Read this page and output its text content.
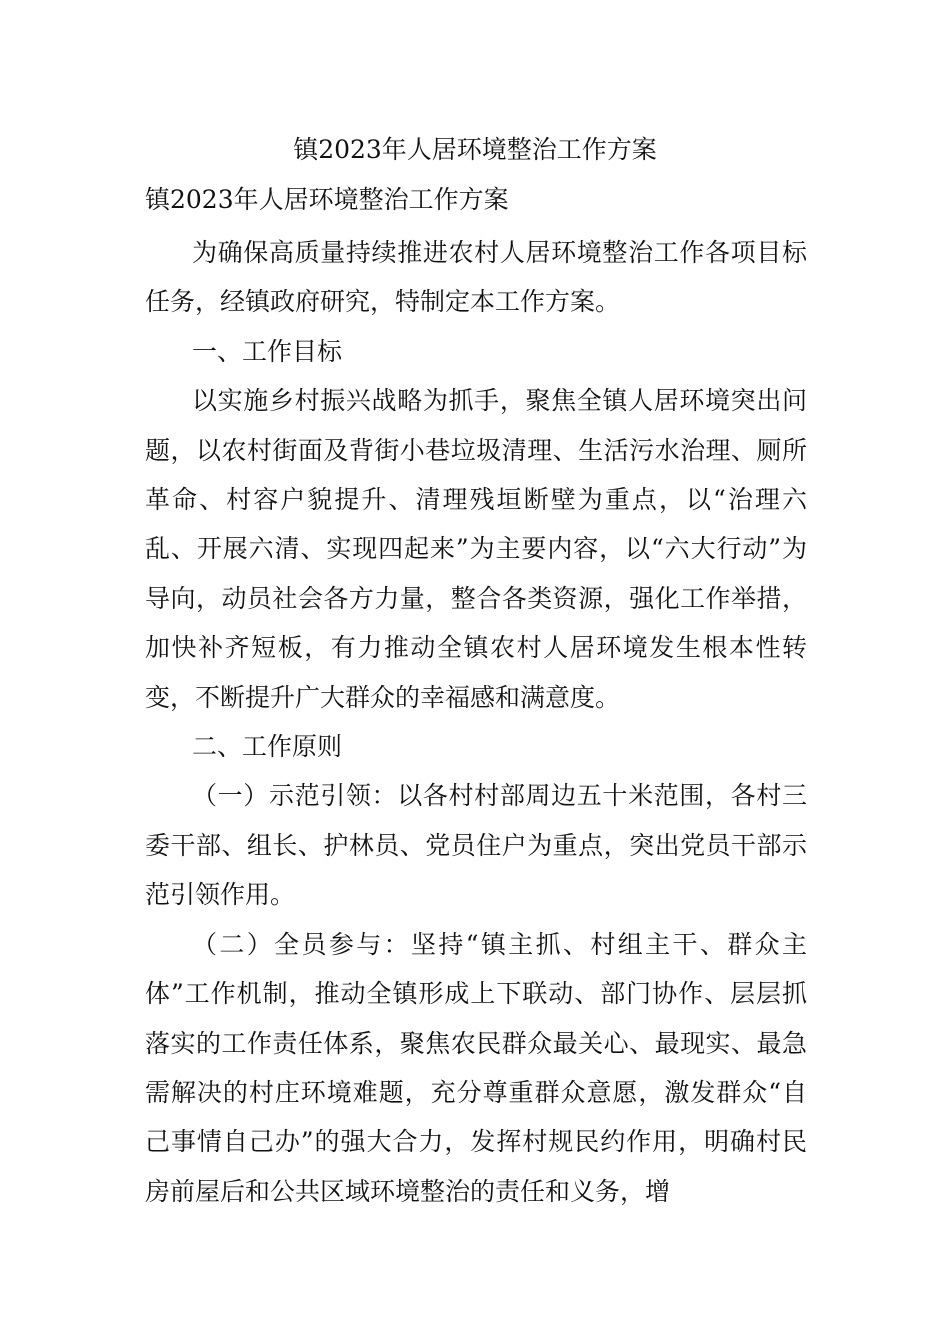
镇2023年人居环境整治工作方案
镇2023年人居环境整治工作方案

为确保高质量持续推进农村人居环境整治工作各项目标任务，经镇政府研究，特制定本工作方案。

一、工作目标

以实施乡村振兴战略为抓手，聚焦全镇人居环境突出问题，以农村街面及背街小巷垃圾清理、生活污水治理、厕所革命、村容户貌提升、清理残垣断壁为重点，以“治理六乱、开展六清、实现四起来”为主要内容，以“六大行动”为导向，动员社会各方力量，整合各类资源，强化工作举措，加快补齐短板，有力推动全镇农村人居环境发生根本性转变，不断提升广大群众的幸福感和满意度。

二、工作原则

（一）示范引领：以各村村部周边五十米范围，各村三委干部、组长、护林员、党员住户为重点，突出党员干部示范引领作用。

（二）全员参与：坚持“镇主抓、村组主干、群众主体”工作机制，推动全镇形成上下联动、部门协作、层层抓落实的工作责任体系，聚焦农民群众最关心、最现实、最急需解决的村庄环境难题，充分尊重群众意愿，激发群众“自己事情自己办”的强大合力，发挥村规民约作用，明确村民房前屋后和公共区域环境整治的责任和义务，增
